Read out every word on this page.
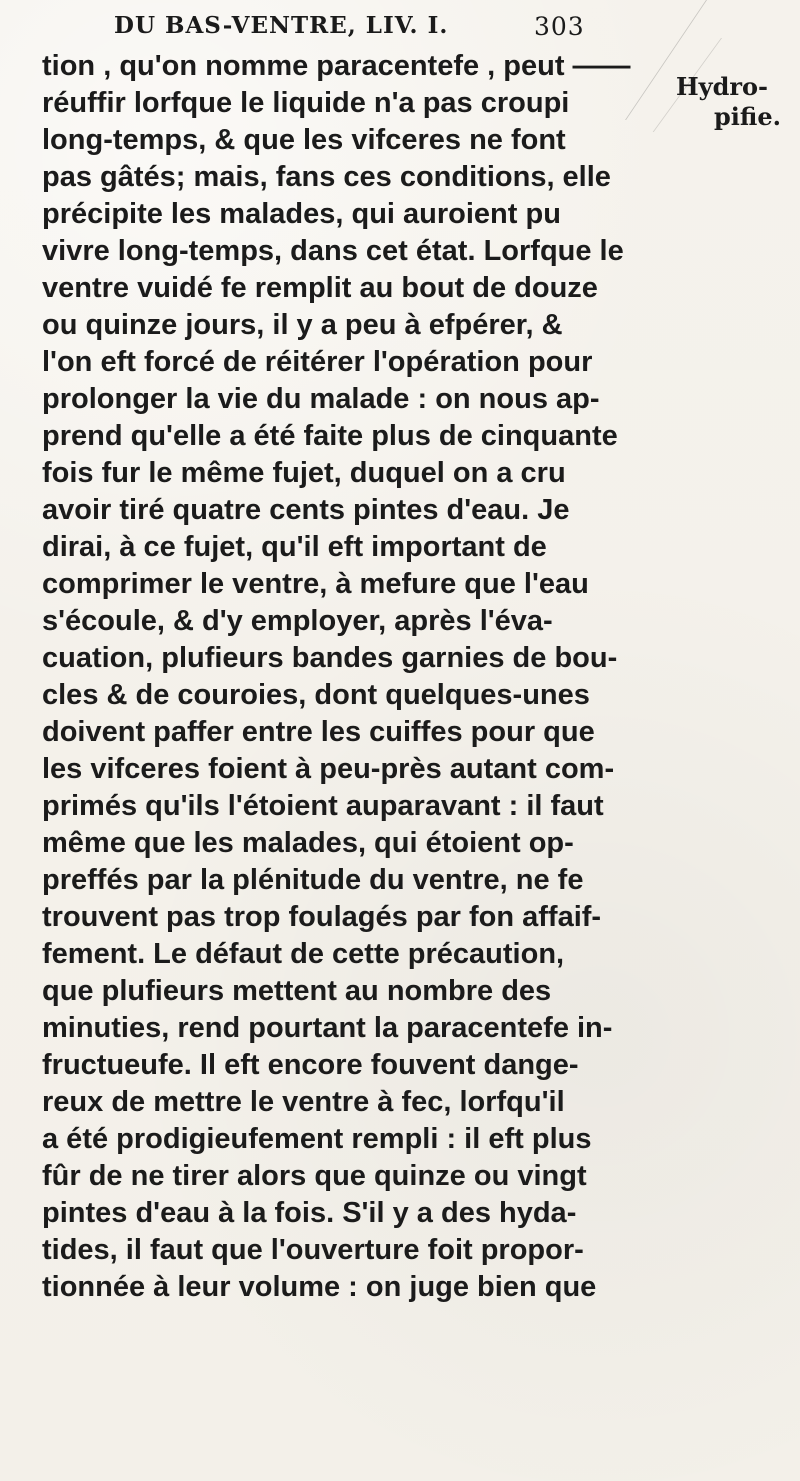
DU BAS-VENTRE, LIV. I.	303
Hydro-
pifie.
tion , qu'on nomme paracentefe , peut ——
réuffir lorfque le liquide n'a pas croupi
long-temps, & que les vifceres ne font
pas gâtés; mais, fans ces conditions, elle
précipite les malades, qui auroient pu
vivre long-temps, dans cet état. Lorfque le
ventre vuidé fe remplit au bout de douze
ou quinze jours, il y a peu à efpérer, &
l'on eft forcé de réitérer l'opération pour
prolonger la vie du malade : on nous ap-
prend qu'elle a été faite plus de cinquante
fois fur le même fujet, duquel on a cru
avoir tiré quatre cents pintes d'eau. Je
dirai, à ce fujet, qu'il eft important de
comprimer le ventre, à mefure que l'eau
s'écoule, & d'y employer, après l'éva-
cuation, plufieurs bandes garnies de bou-
cles & de couroies, dont quelques-unes
doivent paffer entre les cuiffes pour que
les vifceres foient à peu-près autant com-
primés qu'ils l'étoient auparavant : il faut
même que les malades, qui étoient op-
preffés par la plénitude du ventre, ne fe
trouvent pas trop foulagés par fon affaif-
fement. Le défaut de cette précaution,
que plufieurs mettent au nombre des
minuties, rend pourtant la paracentefe in-
fructueufe. Il eft encore fouvent dange-
reux de mettre le ventre à fec, lorfqu'il
a été prodigieufement rempli : il eft plus
fûr de ne tirer alors que quinze ou vingt
pintes d'eau à la fois. S'il y a des hyda-
tides, il faut que l'ouverture foit propor-
tionnée à leur volume : on juge bien que
